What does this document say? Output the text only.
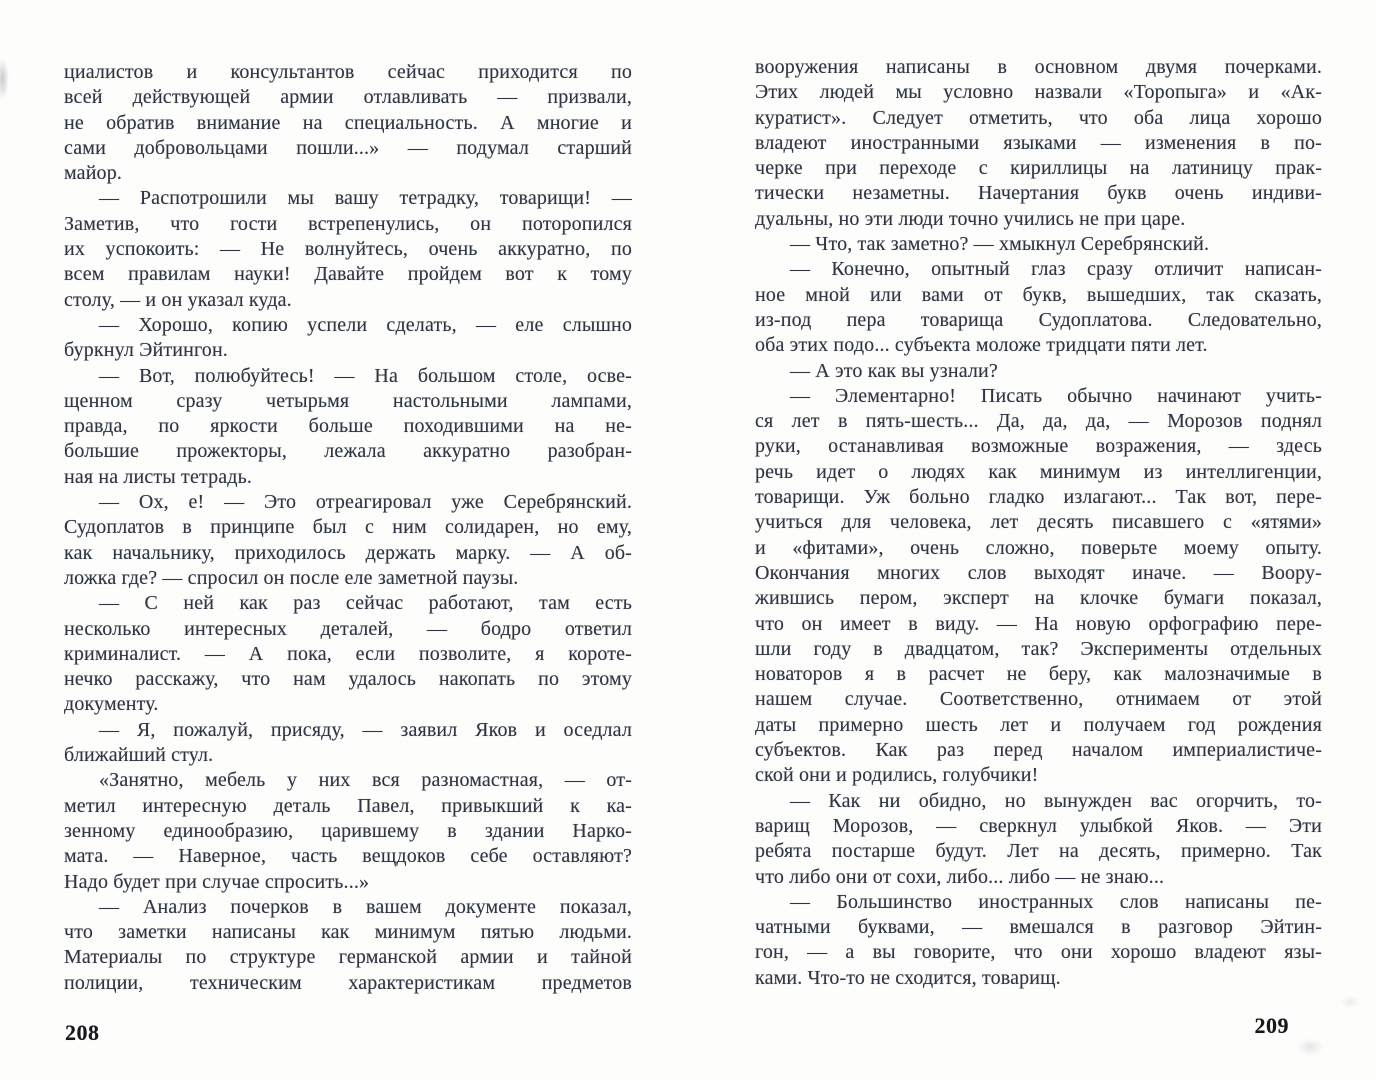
циалистов и консультантов сейчас приходится по
всей действующей армии отлавливать — призвали,
не обратив внимание на специальность. А многие и
сами добровольцами пошли...» — подумал старший
майор.
— Распотрошили мы вашу тетрадку, товарищи! —
Заметив, что гости встрепенулись, он поторопился
их успокоить: — Не волнуйтесь, очень аккуратно, по
всем правилам науки! Давайте пройдем вот к тому
столу, — и он указал куда.
— Хорошо, копию успели сделать, — еле слышно
буркнул Эйтингон.
— Вот, полюбуйтесь! — На большом столе, осве-
щенном сразу четырьмя настольными лампами,
правда, по яркости больше походившими на не-
большие прожекторы, лежала аккуратно разобран-
ная на листы тетрадь.
— Ох, е! — Это отреагировал уже Серебрянский.
Судоплатов в принципе был с ним солидарен, но ему,
как начальнику, приходилось держать марку. — А об-
ложка где? — спросил он после еле заметной паузы.
— С ней как раз сейчас работают, там есть
несколько интересных деталей, — бодро ответил
криминалист. — А пока, если позволите, я короте-
нечко расскажу, что нам удалось накопать по этому
документу.
— Я, пожалуй, присяду, — заявил Яков и оседлал
ближайший стул.
«Занятно, мебель у них вся разномастная, — от-
метил интересную деталь Павел, привыкший к ка-
зенному единообразию, царившему в здании Нарко-
мата. — Наверное, часть вещдоков себе оставляют?
Надо будет при случае спросить...»
— Анализ почерков в вашем документе показал,
что заметки написаны как минимум пятью людьми.
Материалы по структуре германской армии и тайной
полиции, техническим характеристикам предметов
208
вооружения написаны в основном двумя почерками.
Этих людей мы условно назвали «Торопыга» и «Ак-
куратист». Следует отметить, что оба лица хорошо
владеют иностранными языками — изменения в по-
черке при переходе с кириллицы на латиницу прак-
тически незаметны. Начертания букв очень индиви-
дуальны, но эти люди точно учились не при царе.
— Что, так заметно? — хмыкнул Серебрянский.
— Конечно, опытный глаз сразу отличит написан-
ное мной или вами от букв, вышедших, так сказать,
из-под пера товарища Судоплатова. Следовательно,
оба этих подо... субъекта моложе тридцати пяти лет.
— А это как вы узнали?
— Элементарно! Писать обычно начинают учить-
ся лет в пять-шесть... Да, да, да, — Морозов поднял
руки, останавливая возможные возражения, — здесь
речь идет о людях как минимум из интеллигенции,
товарищи. Уж больно гладко излагают... Так вот, пере-
учиться для человека, лет десять писавшего с «ятями»
и «фитами», очень сложно, поверьте моему опыту.
Окончания многих слов выходят иначе. — Воору-
жившись пером, эксперт на клочке бумаги показал,
что он имеет в виду. — На новую орфографию пере-
шли году в двадцатом, так? Эксперименты отдельных
новаторов я в расчет не беру, как малозначимые в
нашем случае. Соответственно, отнимаем от этой
даты примерно шесть лет и получаем год рождения
субъектов. Как раз перед началом империалистиче-
ской они и родились, голубчики!
— Как ни обидно, но вынужден вас огорчить, то-
варищ Морозов, — сверкнул улыбкой Яков. — Эти
ребята постарше будут. Лет на десять, примерно. Так
что либо они от сохи, либо... либо — не знаю...
— Большинство иностранных слов написаны пе-
чатными буквами, — вмешался в разговор Эйтин-
гон, — а вы говорите, что они хорошо владеют язы-
ками. Что-то не сходится, товарищ.
209
